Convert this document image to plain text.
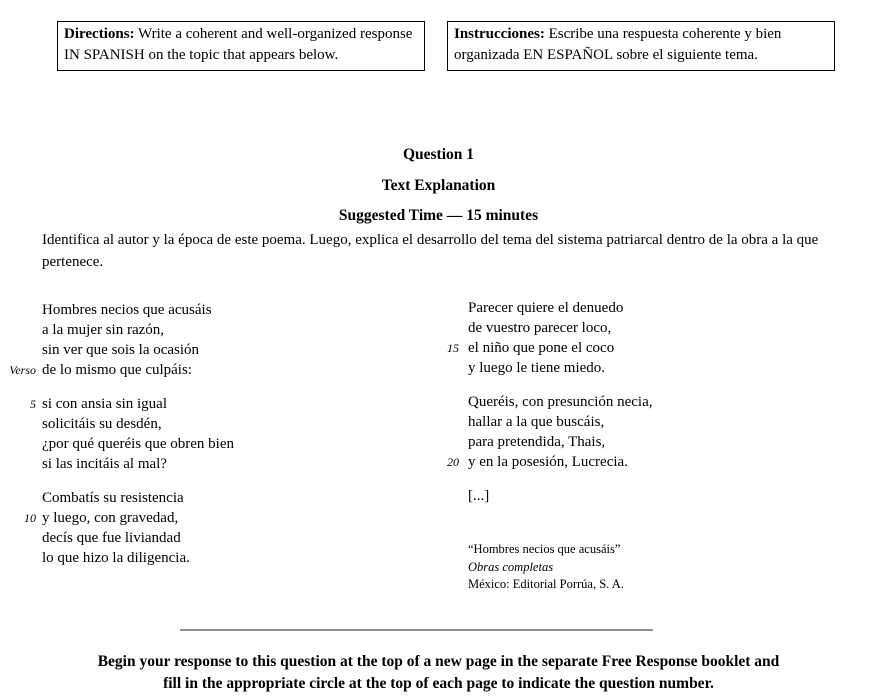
Directions: Write a coherent and well-organized response IN SPANISH on the topic that appears below.
Instrucciones: Escribe una respuesta coherente y bien organizada EN ESPAÑOL sobre el siguiente tema.
Question 1
Text Explanation
Suggested Time — 15 minutes
Identifica al autor y la época de este poema. Luego, explica el desarrollo del tema del sistema patriarcal dentro de la obra a la que pertenece.
Hombres necios que acusáis
a la mujer sin razón,
sin ver que sois la ocasión
Verso de lo mismo que culpáis:
5 si con ansia sin igual
solicitáis su desdén,
¿por qué queréis que obren bien
si las incitáis al mal?
Combatís su resistencia
10 y luego, con gravedad,
decís que fue liviandad
lo que hizo la diligencia.
Parecer quiere el denuedo
de vuestro parecer loco,
15 el niño que pone el coco
y luego le tiene miedo.
Queréis, con presunción necia,
hallar a la que buscáis,
para pretendida, Thais,
20 y en la posesión, Lucrecia.
[...]
“Hombres necios que acusáis”
Obras completas
México: Editorial Porrúa, S. A.
Begin your response to this question at the top of a new page in the separate Free Response booklet and
fill in the appropriate circle at the top of each page to indicate the question number.
